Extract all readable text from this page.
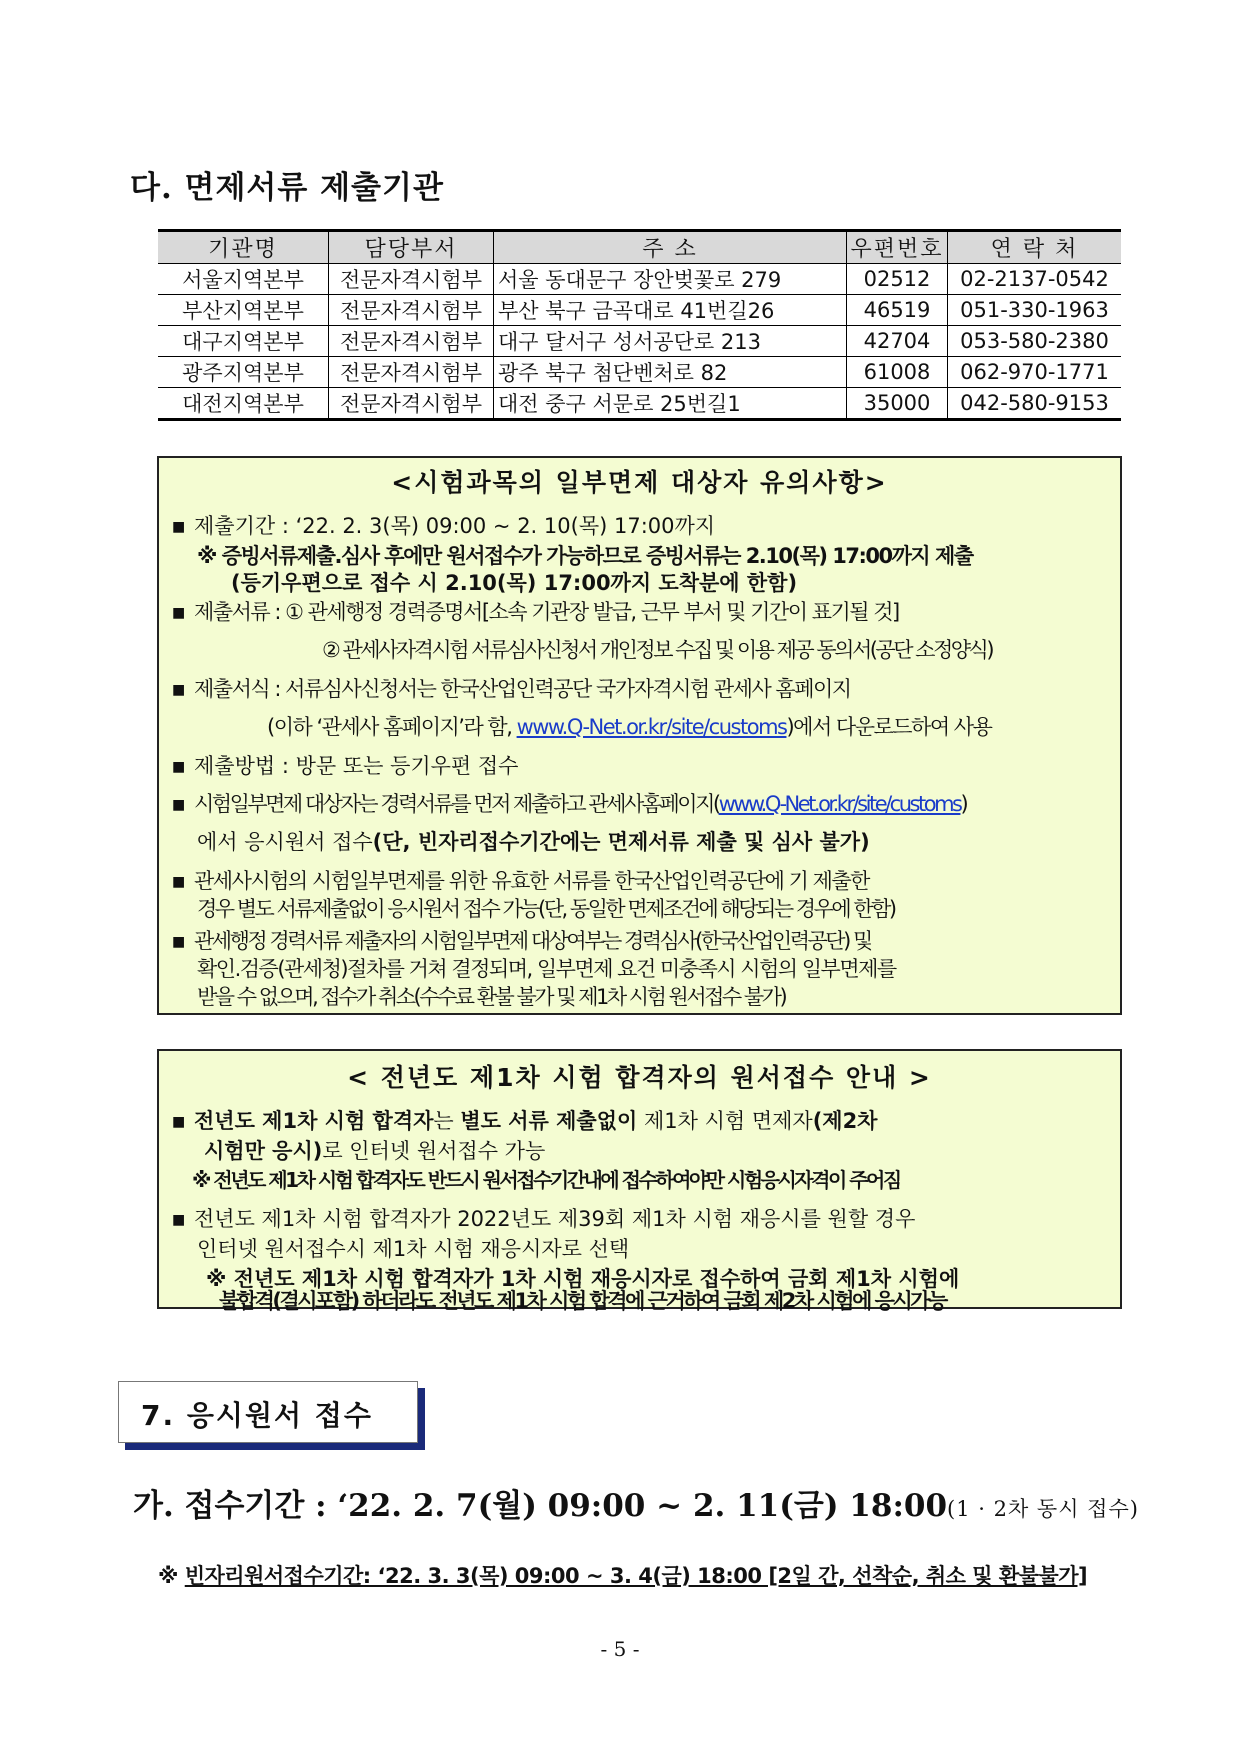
다. 면제서류 제출기관
기관명	담당부서	주 소	우편번호	연 락 처
서울지역본부	전문자격시험부	서울 동대문구 장안벚꽃로 279	02512	02-2137-0542
부산지역본부	전문자격시험부	부산 북구 금곡대로 41번길26	46519	051-330-1963
대구지역본부	전문자격시험부	대구 달서구 성서공단로 213	42704	053-580-2380
광주지역본부	전문자격시험부	광주 북구 첨단벤처로 82	61008	062-970-1771
대전지역본부	전문자격시험부	대전 중구 서문로 25번길1	35000	042-580-9153
<시험과목의 일부면제 대상자 유의사항>
■ 제출기간 : ‘22. 2. 3(목) 09:00 ~ 2. 10(목) 17:00까지
※ 증빙서류제출.심사 후에만 원서접수가 가능하므로 증빙서류는 2.10(목) 17:00까지 제출
(등기우편으로 접수 시 2.10(목) 17:00까지 도착분에 한함)
■ 제출서류 : ① 관세행정 경력증명서[소속 기관장 발급, 근무 부서 및 기간이 표기될 것]
② 관세사자격시험 서류심사신청서 개인정보 수집 및 이용 제공 동의서(공단 소정양식)
■ 제출서식 : 서류심사신청서는 한국산업인력공단 국가자격시험 관세사 홈페이지
(이하 ‘관세사 홈페이지’라 함, www.Q-Net.or.kr/site/customs)에서 다운로드하여 사용
■ 제출방법 : 방문 또는 등기우편 접수
■ 시험일부면제 대상자는 경력서류를 먼저 제출하고 관세사홈페이지(www.Q-Net.or.kr/site/customs)
에서 응시원서 접수(단, 빈자리접수기간에는 면제서류 제출 및 심사 불가)
■ 관세사시험의 시험일부면제를 위한 유효한 서류를 한국산업인력공단에 기 제출한
경우 별도 서류제출없이 응시원서 접수 가능(단, 동일한 면제조건에 해당되는 경우에 한함)
■ 관세행정 경력서류 제출자의 시험일부면제 대상여부는 경력심사(한국산업인력공단) 및
확인.검증(관세청)절차를 거쳐 결정되며, 일부면제 요건 미충족시 시험의 일부면제를
받을 수 없으며, 접수가 취소(수수료 환불 불가 및 제1차 시험 원서접수 불가)
< 전년도 제1차 시험 합격자의 원서접수 안내 >
■ 전년도 제1차 시험 합격자는 별도 서류 제출없이 제1차 시험 면제자(제2차
시험만 응시)로 인터넷 원서접수 가능
※ 전년도 제1차 시험 합격자도 반드시 원서접수기간내에 접수하여야만 시험응시자격이 주어짐
■ 전년도 제1차 시험 합격자가 2022년도 제39회 제1차 시험 재응시를 원할 경우
인터넷 원서접수시 제1차 시험 재응시자로 선택
※ 전년도 제1차 시험 합격자가 1차 시험 재응시자로 접수하여 금회 제1차 시험에
불합격(결시포함) 하더라도 전년도 제1차 시험 합격에 근거하여 금회 제2차 시험에 응시가능
7. 응시원서 접수
가. 접수기간 : ‘22. 2. 7(월) 09:00 ~ 2. 11(금) 18:00(1 · 2차 동시 접수)
※ 빈자리원서접수기간: ‘22. 3. 3(목) 09:00 ~ 3. 4(금) 18:00 [2일 간, 선착순, 취소 및 환불불가]
- 5 -
